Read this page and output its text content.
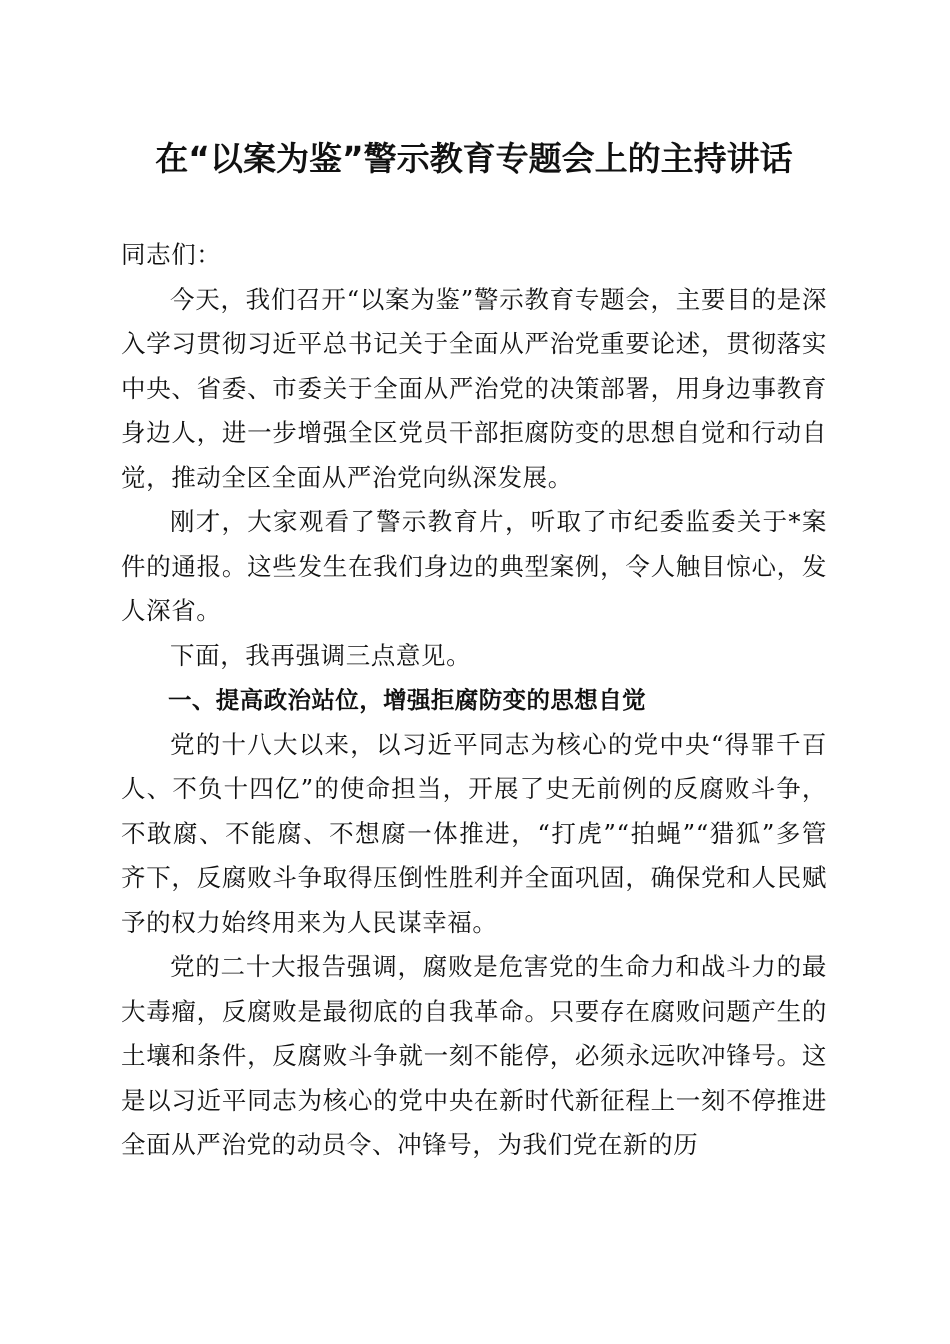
在“以案为鉴”警示教育专题会上的主持讲话

同志们：

今天，我们召开“以案为鉴”警示教育专题会，主要目的是深入学习贯彻习近平总书记关于全面从严治党重要论述，贯彻落实中央、省委、市委关于全面从严治党的决策部署，用身边事教育身边人，进一步增强全区党员干部拒腐防变的思想自觉和行动自觉，推动全区全面从严治党向纵深发展。

刚才，大家观看了警示教育片，听取了市纪委监委关于*案件的通报。这些发生在我们身边的典型案例，令人触目惊心，发人深省。

下面，我再强调三点意见。

一、提高政治站位，增强拒腐防变的思想自觉

党的十八大以来，以习近平同志为核心的党中央“得罪千百人、不负十四亿”的使命担当，开展了史无前例的反腐败斗争，不敢腐、不能腐、不想腐一体推进，“打虎”“拍蝇”“猎狐”多管齐下，反腐败斗争取得压倒性胜利并全面巩固，确保党和人民赋予的权力始终用来为人民谋幸福。

党的二十大报告强调，腐败是危害党的生命力和战斗力的最大毒瘤，反腐败是最彻底的自我革命。只要存在腐败问题产生的土壤和条件，反腐败斗争就一刻不能停，必须永远吹冲锋号。这是以习近平同志为核心的党中央在新时代新征程上一刻不停推进全面从严治党的动员令、冲锋号，为我们党在新的历
